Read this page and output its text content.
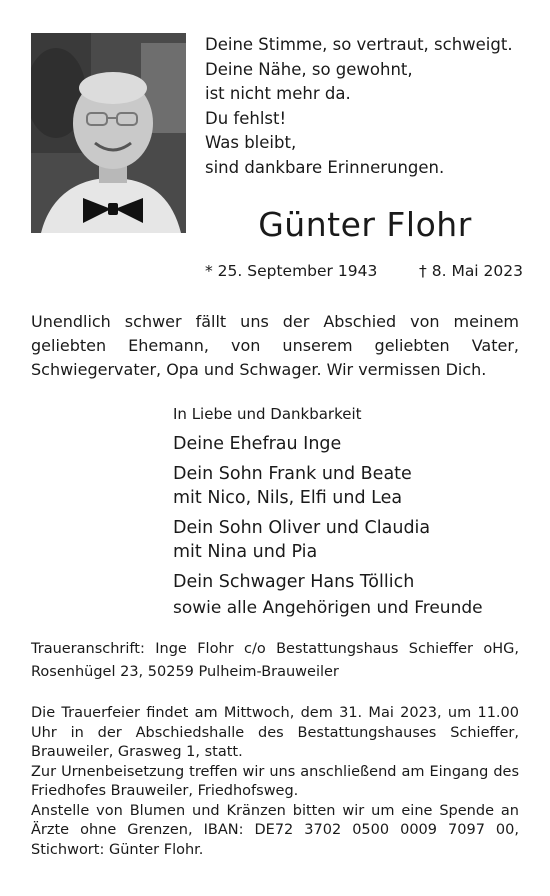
Deine Stimme, so vertraut, schweigt.
Deine Nähe, so gewohnt,
ist nicht mehr da.
Du fehlst!
Was bleibt,
sind dankbare Erinnerungen.
Günter Flohr
* 25. September 1943	† 8. Mai 2023
Unendlich schwer fällt uns der Abschied von meinem geliebten Ehemann, von unserem geliebten Vater, Schwiegervater, Opa und Schwager. Wir vermissen Dich.
In Liebe und Dankbarkeit
Deine Ehefrau Inge
Dein Sohn Frank und Beate
mit Nico, Nils, Elfi und Lea
Dein Sohn Oliver und Claudia
mit Nina und Pia
Dein Schwager Hans Töllich
sowie alle Angehörigen und Freunde
Traueranschrift: Inge Flohr c/o Bestattungshaus Schieffer oHG, Rosenhügel 23, 50259 Pulheim-Brauweiler
Die Trauerfeier findet am Mittwoch, dem 31. Mai 2023, um 11.00 Uhr in der Abschiedshalle des Bestattungshauses Schieffer, Brauweiler, Grasweg 1, statt.
Zur Urnenbeisetzung treffen wir uns anschließend am Eingang des Friedhofes Brauweiler, Friedhofsweg.
Anstelle von Blumen und Kränzen bitten wir um eine Spende an Ärzte ohne Grenzen, IBAN: DE72 3702 0500 0009 7097 00, Stichwort: Günter Flohr.
